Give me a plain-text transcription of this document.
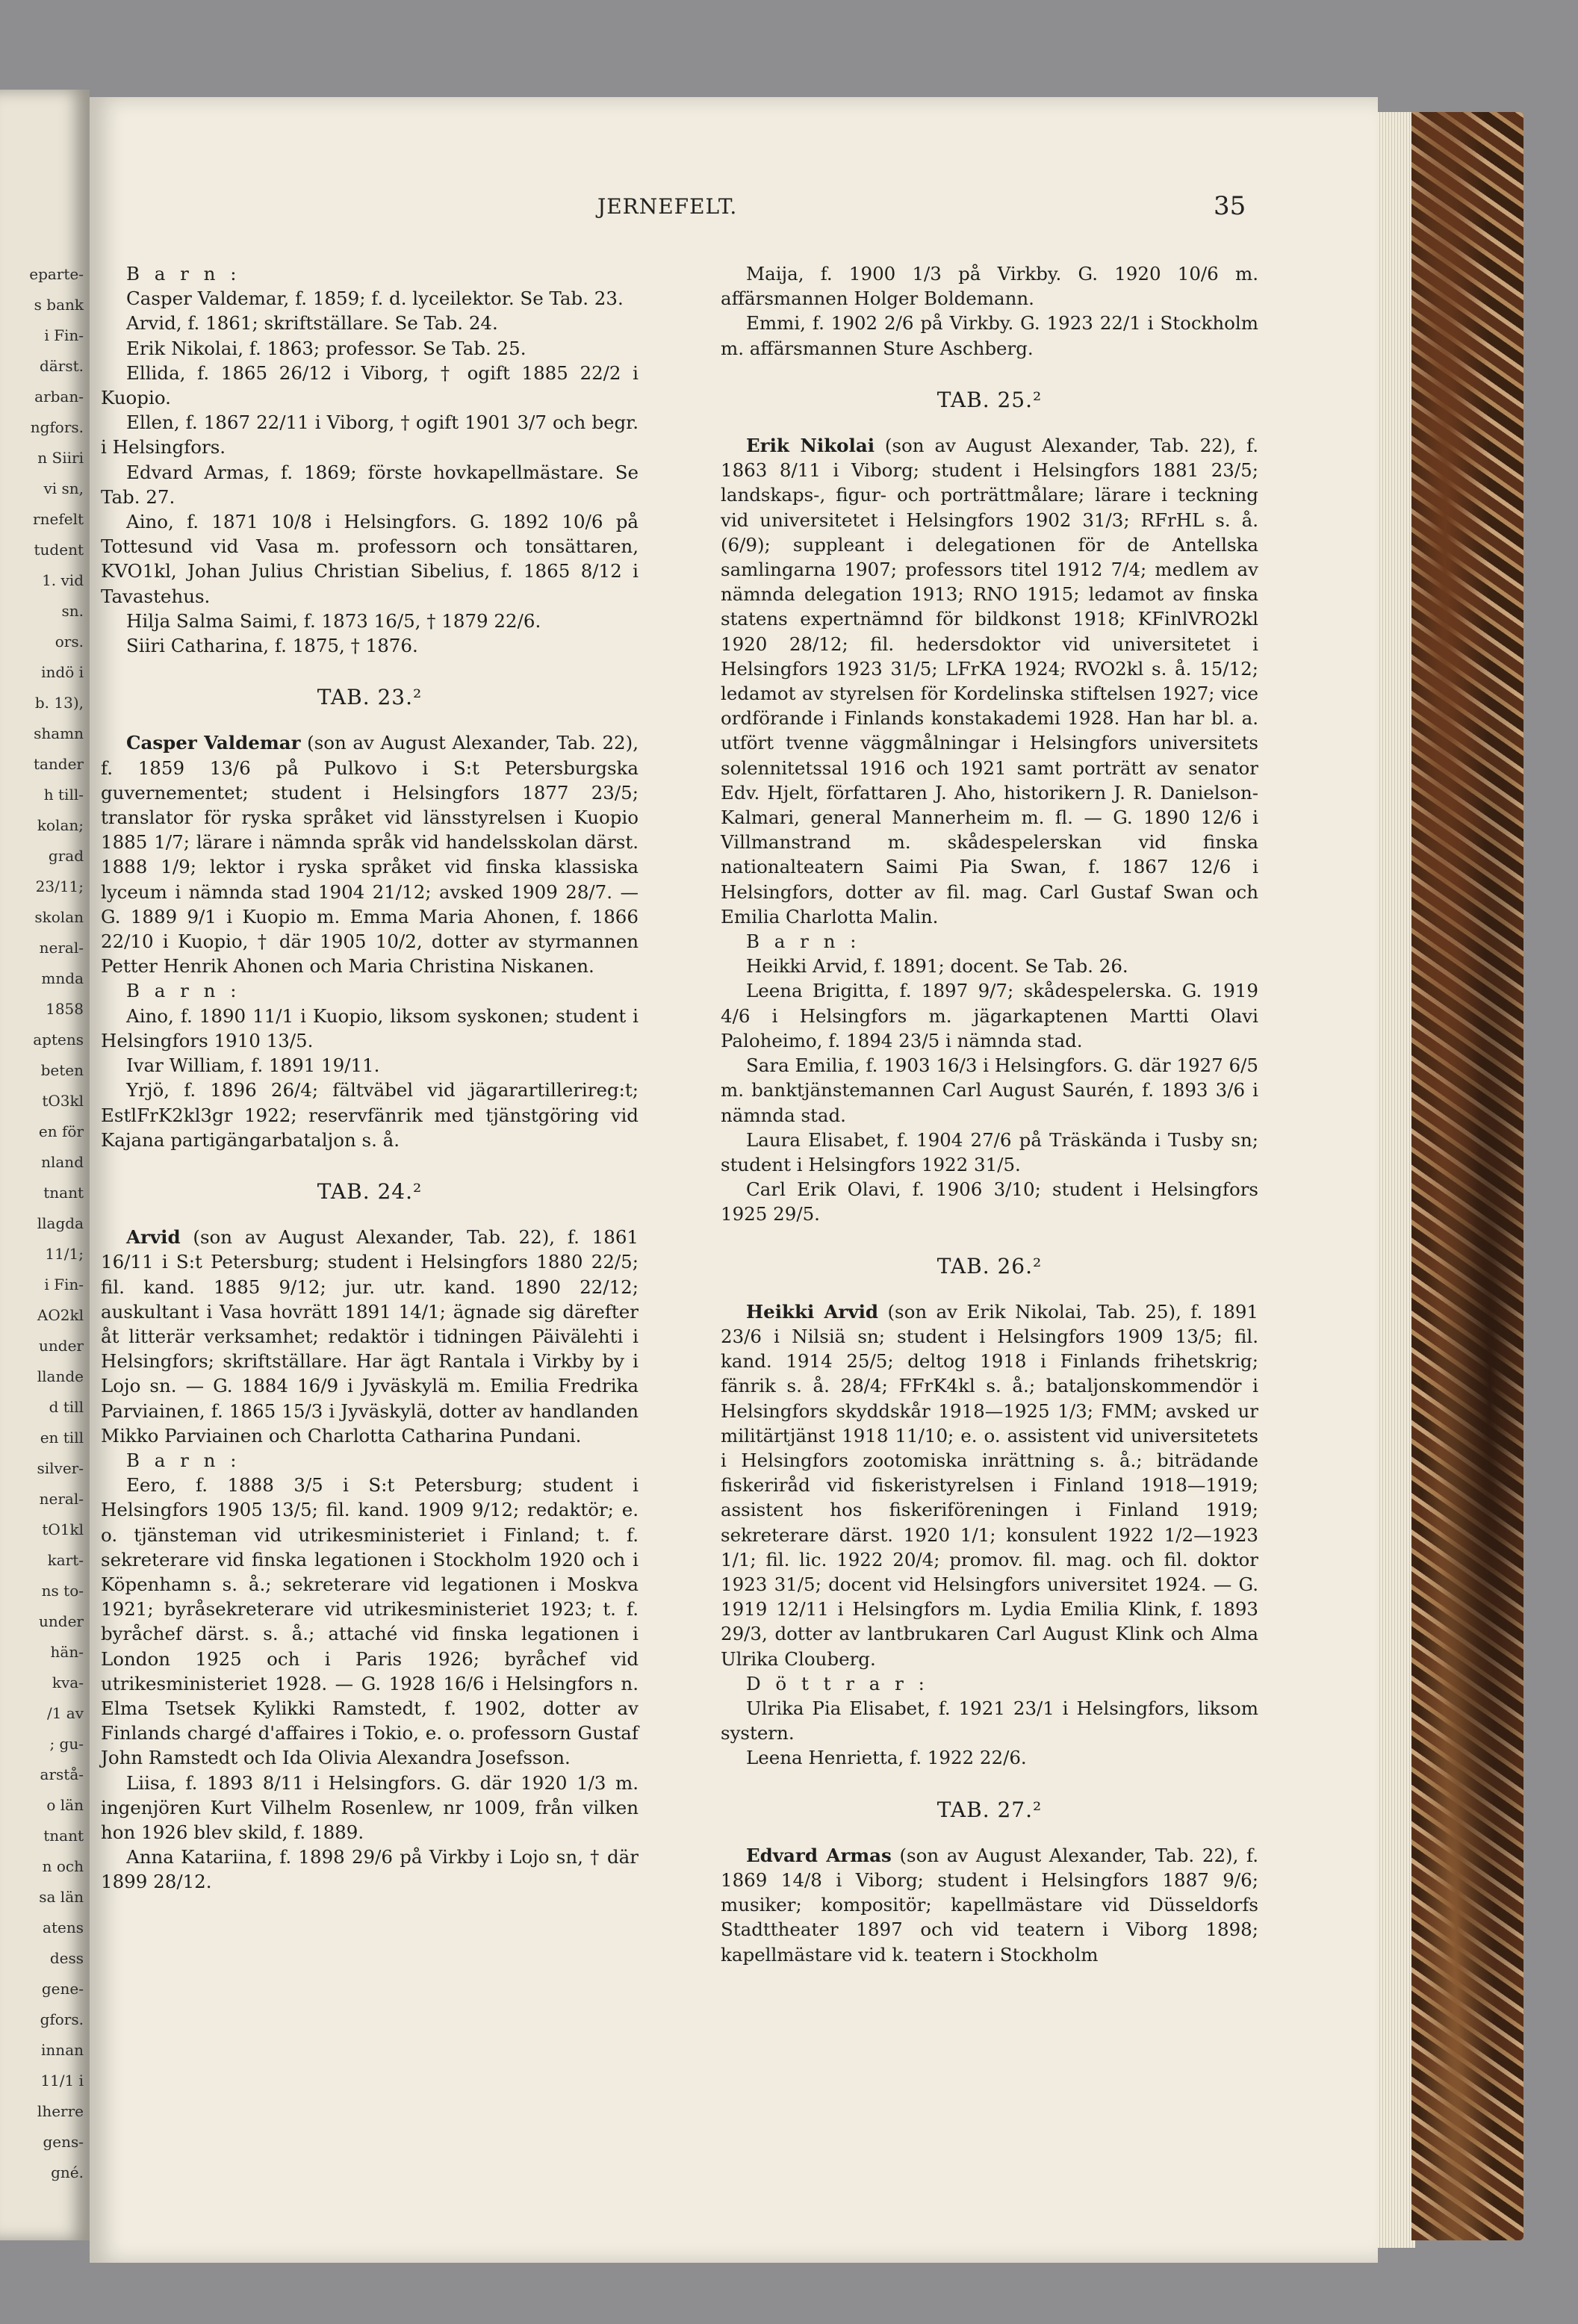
eparte-
s bank
i Fin-
därst.
arban-
ngfors.
n Siiri
vi sn,
rnefelt
tudent
1. vid
sn.
ors.
indö i
b. 13),
shamn
tander
h till-
kolan;
grad
23/11;
skolan
neral-
mnda
1858
aptens
beten
tO3kl
en för
nland
tnant
llagda
11/1;
i Fin-
AO2kl
under
llande
d till
en till
silver-
neral-
tO1kl
kart-
ns to-
under
hän-
kva-
/1 av
; gu-
arstå-
o län
tnant
n och
sa län
atens
dess
gene-
gfors.
innan
11/1 i
lherre
gens-
gné.
JERNEFELT.	35

B a r n :

Casper Valdemar, f. 1859; f. d. lyceilektor. Se Tab. 23.

Arvid, f. 1861; skriftställare. Se Tab. 24.

Erik Nikolai, f. 1863; professor. Se Tab. 25.

Ellida, f. 1865 26/12 i Viborg, † ogift 1885 22/2 i Kuopio.

Ellen, f. 1867 22/11 i Viborg, † ogift 1901 3/7 och begr. i Helsingfors.

Edvard Armas, f. 1869; förste hovkapellmästare. Se Tab. 27.

Aino, f. 1871 10/8 i Helsingfors. G. 1892 10/6 på Tottesund vid Vasa m. professorn och tonsättaren, KVO1kl, Johan Julius Christian Sibelius, f. 1865 8/12 i Tavastehus.

Hilja Salma Saimi, f. 1873 16/5, † 1879 22/6.

Siiri Catharina, f. 1875, † 1876.

TAB. 23.²

Casper Valdemar (son av August Alexander, Tab. 22), f. 1859 13/6 på Pulkovo i S:t Petersburgska guvernementet; student i Helsingfors 1877 23/5; translator för ryska språket vid länsstyrelsen i Kuopio 1885 1/7; lärare i nämnda språk vid handelsskolan därst. 1888 1/9; lektor i ryska språket vid finska klassiska lyceum i nämnda stad 1904 21/12; avsked 1909 28/7. — G. 1889 9/1 i Kuopio m. Emma Maria Ahonen, f. 1866 22/10 i Kuopio, † där 1905 10/2, dotter av styrmannen Petter Henrik Ahonen och Maria Christina Niskanen.

B a r n :

Aino, f. 1890 11/1 i Kuopio, liksom syskonen; student i Helsingfors 1910 13/5.

Ivar William, f. 1891 19/11.

Yrjö, f. 1896 26/4; fältväbel vid jägarartillerireg:t; EstlFrK2kl3gr 1922; reservfänrik med tjänstgöring vid Kajana partigängarbataljon s. å.

TAB. 24.²

Arvid (son av August Alexander, Tab. 22), f. 1861 16/11 i S:t Petersburg; student i Helsingfors 1880 22/5; fil. kand. 1885 9/12; jur. utr. kand. 1890 22/12; auskultant i Vasa hovrätt 1891 14/1; ägnade sig därefter åt litterär verksamhet; redaktör i tidningen Päivälehti i Helsingfors; skriftställare. Har ägt Rantala i Virkby by i Lojo sn. — G. 1884 16/9 i Jyväskylä m. Emilia Fredrika Parviainen, f. 1865 15/3 i Jyväskylä, dotter av handlanden Mikko Parviainen och Charlotta Catharina Pundani.

B a r n :

Eero, f. 1888 3/5 i S:t Petersburg; student i Helsingfors 1905 13/5; fil. kand. 1909 9/12; redaktör; e. o. tjänsteman vid utrikesministeriet i Finland; t. f. sekreterare vid finska legationen i Stockholm 1920 och i Köpenhamn s. å.; sekreterare vid legationen i Moskva 1921; byråsekreterare vid utrikesministeriet 1923; t. f. byråchef därst. s. å.; attaché vid finska legationen i London 1925 och i Paris 1926; byråchef vid utrikesministeriet 1928. — G. 1928 16/6 i Helsingfors n. Elma Tsetsek Kylikki Ramstedt, f. 1902, dotter av Finlands chargé d'affaires i Tokio, e. o. professorn Gustaf John Ramstedt och Ida Olivia Alexandra Josefsson.

Liisa, f. 1893 8/11 i Helsingfors. G. där 1920 1/3 m. ingenjören Kurt Vilhelm Rosenlew, nr 1009, från vilken hon 1926 blev skild, f. 1889.

Anna Katariina, f. 1898 29/6 på Virkby i Lojo sn, † där 1899 28/12.

Maija, f. 1900 1/3 på Virkby. G. 1920 10/6 m. affärsmannen Holger Boldemann.

Emmi, f. 1902 2/6 på Virkby. G. 1923 22/1 i Stockholm m. affärsmannen Sture Aschberg.

TAB. 25.²

Erik Nikolai (son av August Alexander, Tab. 22), f. 1863 8/11 i Viborg; student i Helsingfors 1881 23/5; landskaps-, figur- och porträttmålare; lärare i teckning vid universitetet i Helsingfors 1902 31/3; RFrHL s. å. (6/9); suppleant i delegationen för de Antellska samlingarna 1907; professors titel 1912 7/4; medlem av nämnda delegation 1913; RNO 1915; ledamot av finska statens expertnämnd för bildkonst 1918; KFinlVRO2kl 1920 28/12; fil. hedersdoktor vid universitetet i Helsingfors 1923 31/5; LFrKA 1924; RVO2kl s. å. 15/12; ledamot av styrelsen för Kordelinska stiftelsen 1927; vice ordförande i Finlands konstakademi 1928. Han har bl. a. utfört tvenne väggmålningar i Helsingfors universitets solennitetssal 1916 och 1921 samt porträtt av senator Edv. Hjelt, författaren J. Aho, historikern J. R. Danielson-Kalmari, general Mannerheim m. fl. — G. 1890 12/6 i Villmanstrand m. skådespelerskan vid finska nationalteatern Saimi Pia Swan, f. 1867 12/6 i Helsingfors, dotter av fil. mag. Carl Gustaf Swan och Emilia Charlotta Malin.

B a r n :

Heikki Arvid, f. 1891; docent. Se Tab. 26.

Leena Brigitta, f. 1897 9/7; skådespelerska. G. 1919 4/6 i Helsingfors m. jägarkaptenen Martti Olavi Paloheimo, f. 1894 23/5 i nämnda stad.

Sara Emilia, f. 1903 16/3 i Helsingfors. G. där 1927 6/5 m. banktjänstemannen Carl August Saurén, f. 1893 3/6 i nämnda stad.

Laura Elisabet, f. 1904 27/6 på Träskända i Tusby sn; student i Helsingfors 1922 31/5.

Carl Erik Olavi, f. 1906 3/10; student i Helsingfors 1925 29/5.

TAB. 26.²

Heikki Arvid (son av Erik Nikolai, Tab. 25), f. 1891 23/6 i Nilsiä sn; student i Helsingfors 1909 13/5; fil. kand. 1914 25/5; deltog 1918 i Finlands frihetskrig; fänrik s. å. 28/4; FFrK4kl s. å.; bataljonskommendör i Helsingfors skyddskår 1918—1925 1/3; FMM; avsked ur militärtjänst 1918 11/10; e. o. assistent vid universitetets i Helsingfors zootomiska inrättning s. å.; biträdande fiskeriråd vid fiskeristyrelsen i Finland 1918—1919; assistent hos fiskeriföreningen i Finland 1919; sekreterare därst. 1920 1/1; konsulent 1922 1/2—1923 1/1; fil. lic. 1922 20/4; promov. fil. mag. och fil. doktor 1923 31/5; docent vid Helsingfors universitet 1924. — G. 1919 12/11 i Helsingfors m. Lydia Emilia Klink, f. 1893 29/3, dotter av lantbrukaren Carl August Klink och Alma Ulrika Clouberg.

D ö t t r a r :

Ulrika Pia Elisabet, f. 1921 23/1 i Helsingfors, liksom systern.

Leena Henrietta, f. 1922 22/6.

TAB. 27.²

Edvard Armas (son av August Alexander, Tab. 22), f. 1869 14/8 i Viborg; student i Helsingfors 1887 9/6; musiker; kompositör; kapellmästare vid Düsseldorfs Stadttheater 1897 och vid teatern i Viborg 1898; kapellmästare vid k. teatern i Stockholm
